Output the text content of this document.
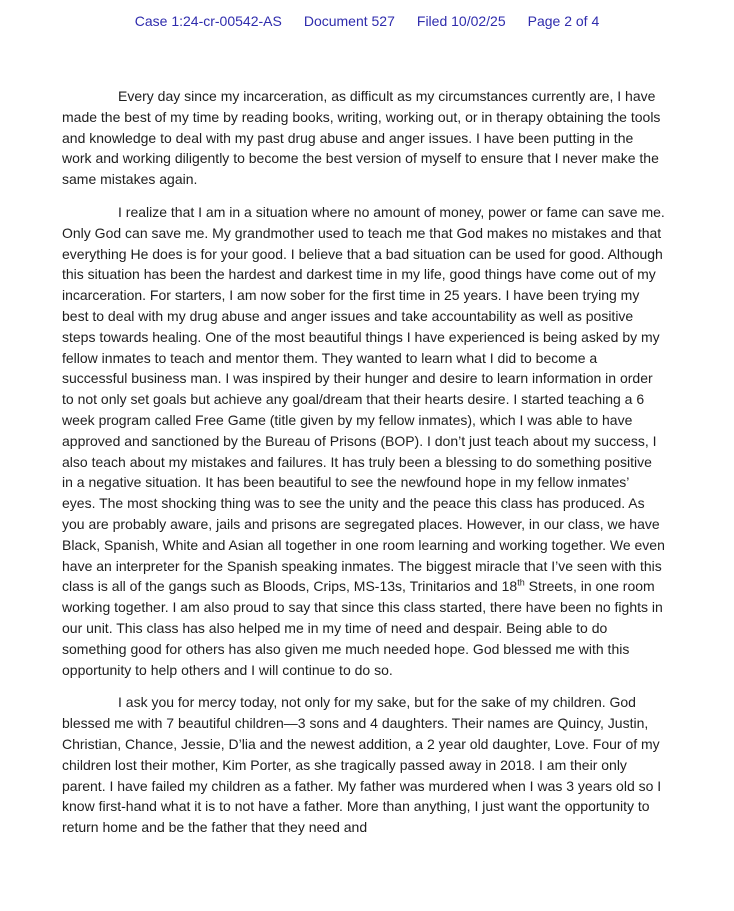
Case 1:24-cr-00542-AS Document 527 Filed 10/02/25 Page 2 of 4

Every day since my incarceration, as difficult as my circumstances currently are, I have made the best of my time by reading books, writing, working out, or in therapy obtaining the tools and knowledge to deal with my past drug abuse and anger issues. I have been putting in the work and working diligently to become the best version of myself to ensure that I never make the same mistakes again.

I realize that I am in a situation where no amount of money, power or fame can save me. Only God can save me. My grandmother used to teach me that God makes no mistakes and that everything He does is for your good. I believe that a bad situation can be used for good. Although this situation has been the hardest and darkest time in my life, good things have come out of my incarceration. For starters, I am now sober for the first time in 25 years. I have been trying my best to deal with my drug abuse and anger issues and take accountability as well as positive steps towards healing. One of the most beautiful things I have experienced is being asked by my fellow inmates to teach and mentor them. They wanted to learn what I did to become a successful business man. I was inspired by their hunger and desire to learn information in order to not only set goals but achieve any goal/dream that their hearts desire. I started teaching a 6 week program called Free Game (title given by my fellow inmates), which I was able to have approved and sanctioned by the Bureau of Prisons (BOP). I don’t just teach about my success, I also teach about my mistakes and failures. It has truly been a blessing to do something positive in a negative situation. It has been beautiful to see the newfound hope in my fellow inmates’ eyes. The most shocking thing was to see the unity and the peace this class has produced. As you are probably aware, jails and prisons are segregated places. However, in our class, we have Black, Spanish, White and Asian all together in one room learning and working together. We even have an interpreter for the Spanish speaking inmates. The biggest miracle that I’ve seen with this class is all of the gangs such as Bloods, Crips, MS-13s, Trinitarios and 18th Streets, in one room working together. I am also proud to say that since this class started, there have been no fights in our unit. This class has also helped me in my time of need and despair. Being able to do something good for others has also given me much needed hope. God blessed me with this opportunity to help others and I will continue to do so.

I ask you for mercy today, not only for my sake, but for the sake of my children. God blessed me with 7 beautiful children—3 sons and 4 daughters. Their names are Quincy, Justin, Christian, Chance, Jessie, D’lia and the newest addition, a 2 year old daughter, Love. Four of my children lost their mother, Kim Porter, as she tragically passed away in 2018. I am their only parent. I have failed my children as a father. My father was murdered when I was 3 years old so I know first-hand what it is to not have a father. More than anything, I just want the opportunity to return home and be the father that they need and
